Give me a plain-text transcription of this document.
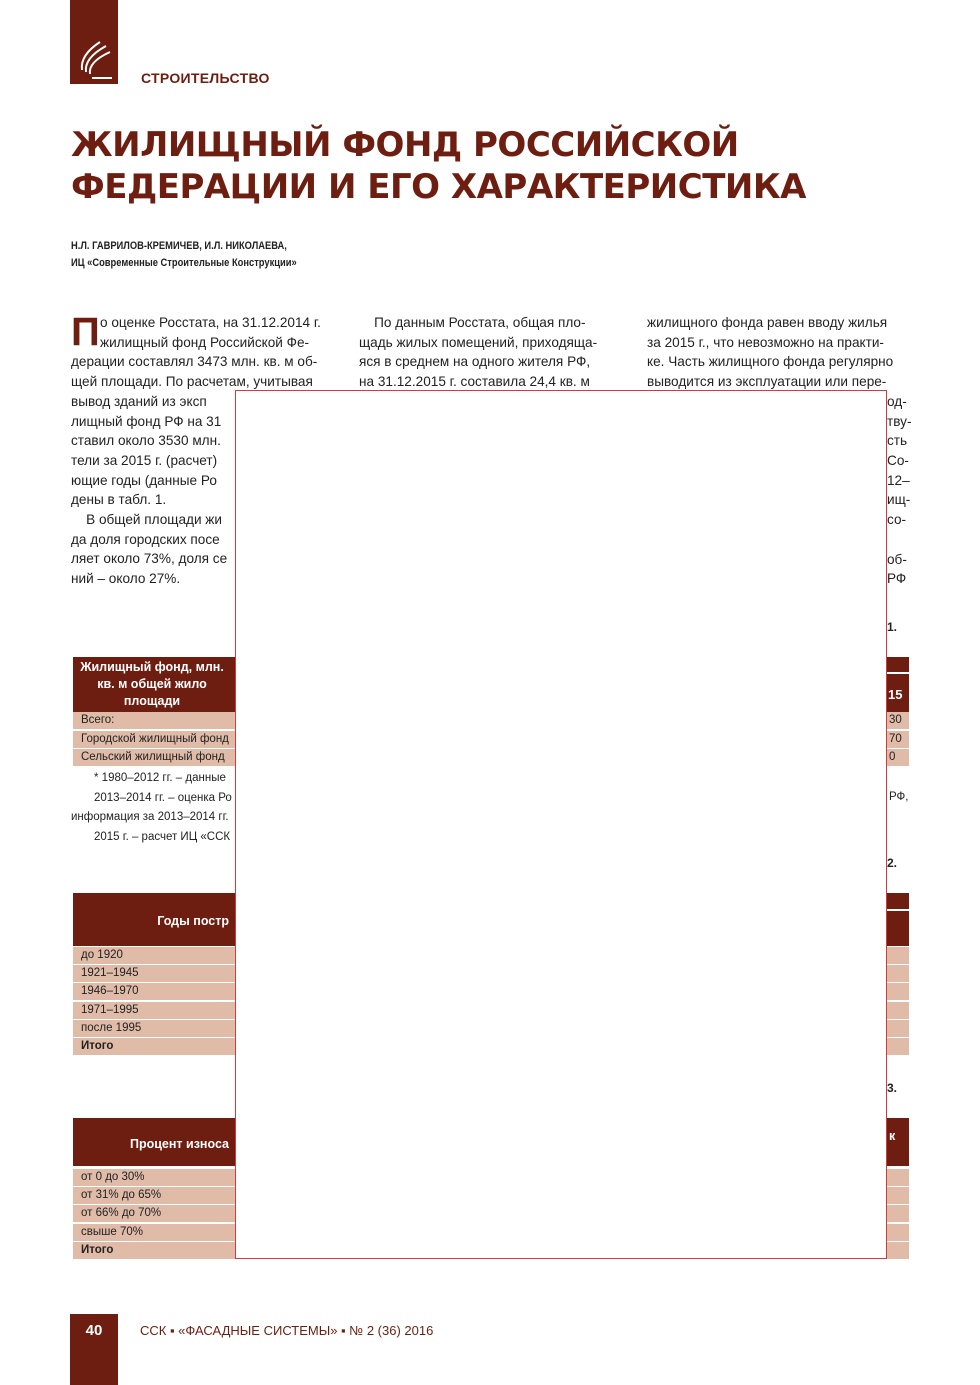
СТРОИТЕЛЬСТВО
ЖИЛИЩНЫЙ ФОНД РОССИЙСКОЙ
ФЕДЕРАЦИИ И ЕГО ХАРАКТЕРИСТИКА
Н.Л. ГАВРИЛОВ-КРЕМИЧЕВ, И.Л. НИКОЛАЕВА,
ИЦ «Современные Строительные Конструкции»
П о оценке Росстата, на 31.12.2014 г.
жилищный фонд Российской Фе-
дерации составлял 3473 млн. кв. м об-
щей площади. По расчетам, учитывая
вывод зданий из эксп
лищный фонд РФ на 31
ставил около 3530 млн.
тели за 2015 г. (расчет)
ющие годы (данные Ро
дены в табл. 1.
В общей площади жи
да доля городских посе
ляет около 73%, доля се
ний – около 27%.
По данным Росстата, общая пло-
щадь жилых помещений, приходяща-
яся в среднем на одного жителя РФ,
на 31.12.2015 г. составила 24,4 кв. м
жилищного фонда равен вводу жилья
за 2015 г., что невозможно на практи-
ке. Часть жилищного фонда регулярно
выводится из эксплуатации или пере-
од-
тву-
сть
Со-
12–
ищ-
со-
об-
РФ
1.
Жилищный фонд, млн. кв. м общей жило площади	15
Всего:	30
Городской жилищный фонд	70
Сельский жилищный фонд	0
* 1980–2012 гг. – данные
2013–2014 гг. – оценка Ро
информация за 2013–2014 гг.
2015 г. – расчет ИЦ «ССК
РФ,
2.
Годы постр
до 1920
1921–1945
1946–1970
1971–1995
после 1995
Итого
3.
Процент износа
к
от 0 до 30%
от 31% до 65%
от 66% до 70%
свыше 70%
Итого
40	ССК ▪ «ФАСАДНЫЕ СИСТЕМЫ» ▪ № 2 (36) 2016
